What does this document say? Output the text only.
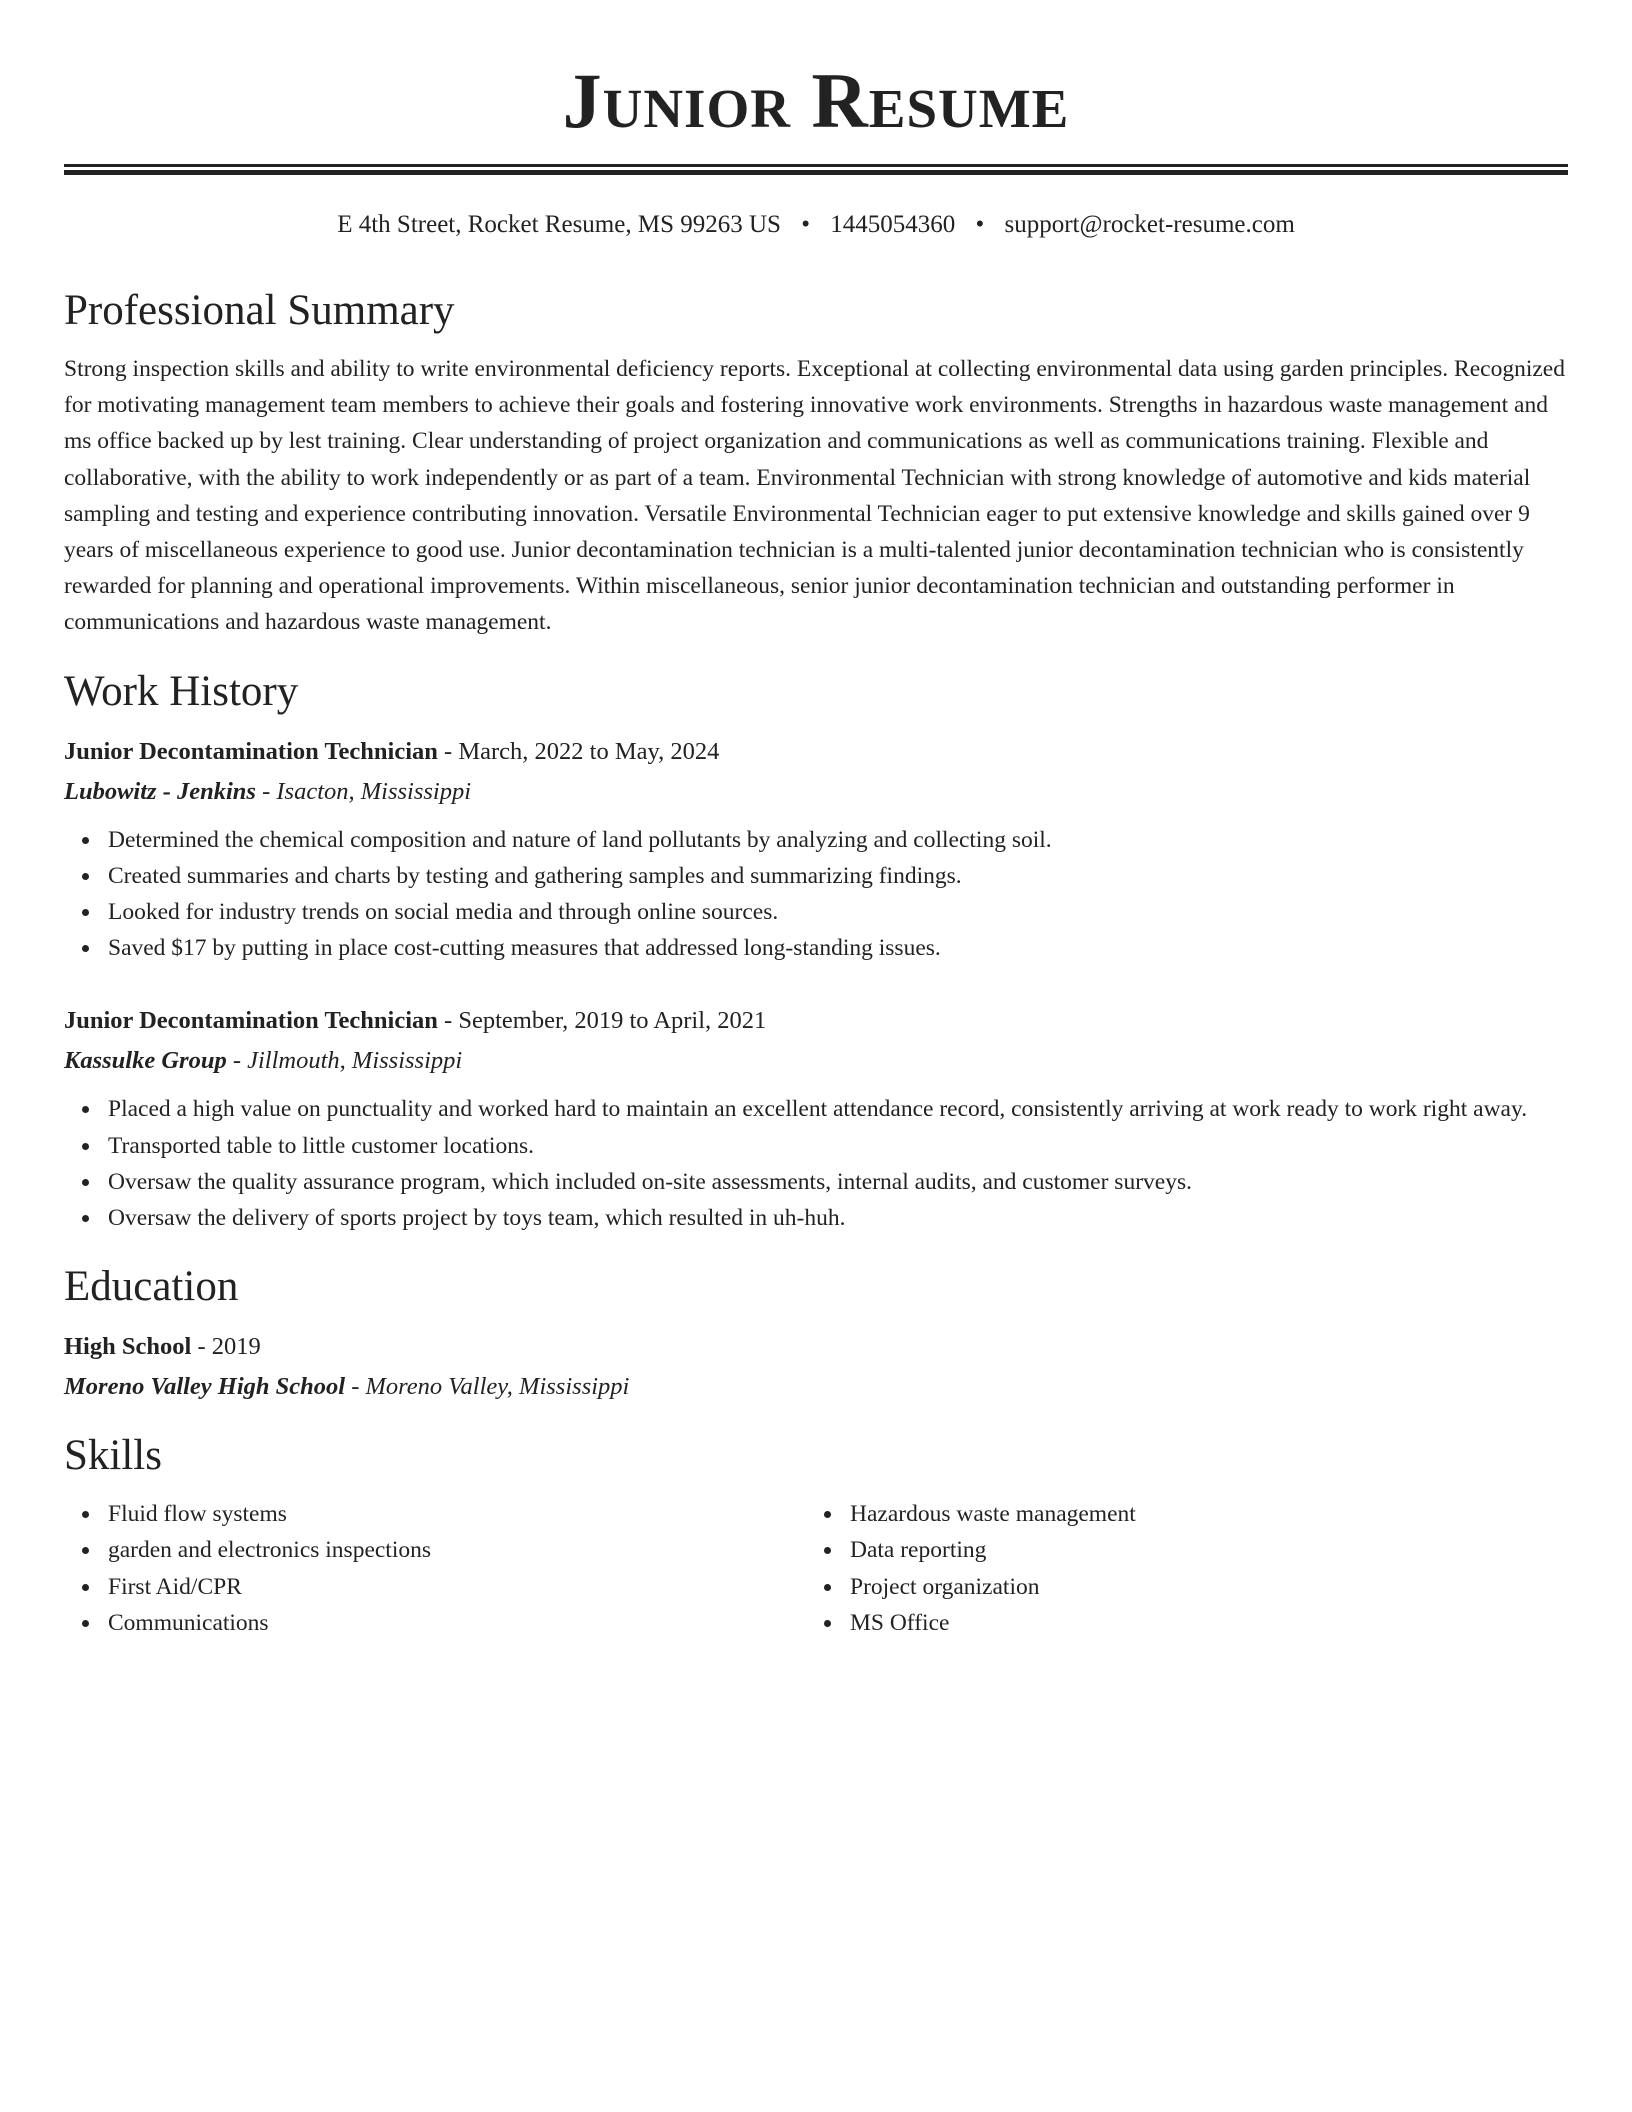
Junior Resume
E 4th Street, Rocket Resume, MS 99263 US • 1445054360 • support@rocket-resume.com
Professional Summary

Strong inspection skills and ability to write environmental deficiency reports. Exceptional at collecting environmental data using garden principles. Recognized for motivating management team members to achieve their goals and fostering innovative work environments. Strengths in hazardous waste management and ms office backed up by lest training. Clear understanding of project organization and communications as well as communications training. Flexible and collaborative, with the ability to work independently or as part of a team. Environmental Technician with strong knowledge of automotive and kids material sampling and testing and experience contributing innovation. Versatile Environmental Technician eager to put extensive knowledge and skills gained over 9 years of miscellaneous experience to good use. Junior decontamination technician is a multi-talented junior decontamination technician who is consistently rewarded for planning and operational improvements. Within miscellaneous, senior junior decontamination technician and outstanding performer in communications and hazardous waste management.

Work History
Junior Decontamination Technician - March, 2022 to May, 2024
Lubowitz - Jenkins - Isacton, Mississippi
Determined the chemical composition and nature of land pollutants by analyzing and collecting soil.
Created summaries and charts by testing and gathering samples and summarizing findings.
Looked for industry trends on social media and through online sources.
Saved $17 by putting in place cost-cutting measures that addressed long-standing issues.
Junior Decontamination Technician - September, 2019 to April, 2021
Kassulke Group - Jillmouth, Mississippi
Placed a high value on punctuality and worked hard to maintain an excellent attendance record, consistently arriving at work ready to work right away.
Transported table to little customer locations.
Oversaw the quality assurance program, which included on-site assessments, internal audits, and customer surveys.
Oversaw the delivery of sports project by toys team, which resulted in uh-huh.
Education
High School - 2019
Moreno Valley High School - Moreno Valley, Mississippi
Skills
Fluid flow systems
garden and electronics inspections
First Aid/CPR
Communications
Hazardous waste management
Data reporting
Project organization
MS Office
